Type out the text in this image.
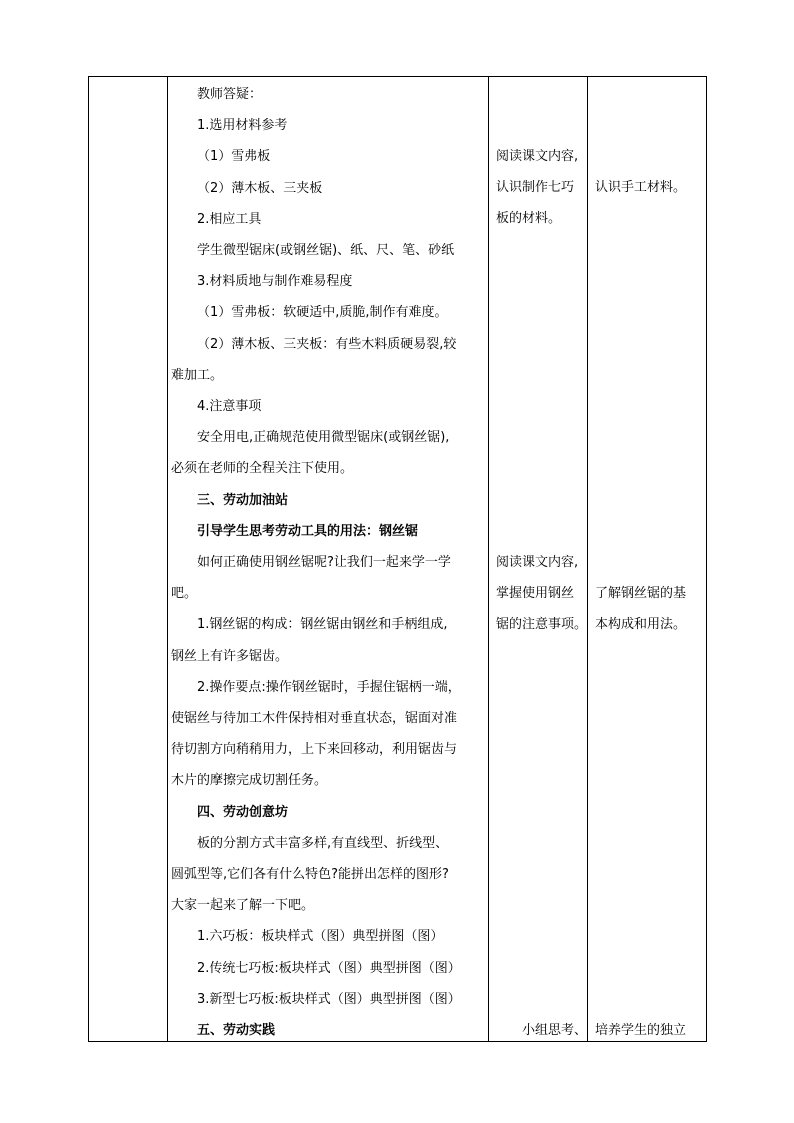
教师答疑：
1.选用材料参考
（1）雪弗板
（2）薄木板、三夹板
2.相应工具
学生微型锯床(或钢丝锯)、纸、尺、笔、砂纸
3.材料质地与制作难易程度
（1）雪弗板：软硬适中,质脆,制作有难度。
（2）薄木板、三夹板：有些木料质硬易裂,较
难加工。
4.注意事项
安全用电,正确规范使用微型锯床(或钢丝锯),
必须在老师的全程关注下使用。
三、劳动加油站
引导学生思考劳动工具的用法：钢丝锯
如何正确使用钢丝锯呢?让我们一起来学一学
吧。
1.钢丝锯的构成：钢丝锯由钢丝和手柄组成,
钢丝上有许多锯齿。
2.操作要点:操作钢丝锯时，手握住锯柄一端，
使锯丝与待加工木件保持相对垂直状态，锯面对准
待切割方向稍稍用力，上下来回移动，利用锯齿与
木片的摩擦完成切割任务。
四、劳动创意坊
板的分割方式丰富多样,有直线型、折线型、
圆弧型等,它们各有什么特色?能拼出怎样的图形?
大家一起来了解一下吧。
1.六巧板：板块样式（图）典型拼图（图）
2.传统七巧板:板块样式（图）典型拼图（图）
3.新型七巧板:板块样式（图）典型拼图（图）
五、劳动实践
阅读课文内容,
认识制作七巧
板的材料。
阅读课文内容,
掌握使用钢丝
锯的注意事项。
小组思考、
认识手工材料。
了解钢丝锯的基
本构成和用法。
培养学生的独立
